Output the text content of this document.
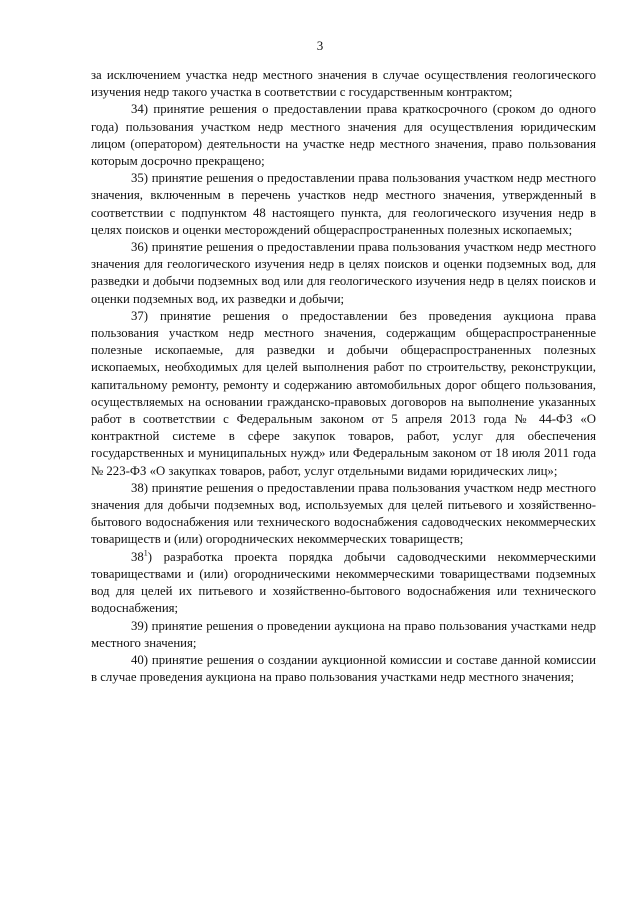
3

за исключением участка недр местного значения в случае осуществления геологического изучения недр такого участка в соответствии с государственным контрактом;

34) принятие решения о предоставлении права краткосрочного (сроком до одного года) пользования участком недр местного значения для осуществления юридическим лицом (оператором) деятельности на участке недр местного значения, право пользования которым досрочно прекращено;

35) принятие решения о предоставлении права пользования участком недр местного значения, включенным в перечень участков недр местного значения, утвержденный в соответствии с подпунктом 48 настоящего пункта, для геологического изучения недр в целях поисков и оценки месторождений общераспространенных полезных ископаемых;

36) принятие решения о предоставлении права пользования участком недр местного значения для геологического изучения недр в целях поисков и оценки подземных вод, для разведки и добычи подземных вод или для геологического изучения недр в целях поисков и оценки подземных вод, их разведки и добычи;

37) принятие решения о предоставлении без проведения аукциона права пользования участком недр местного значения, содержащим общераспространенные полезные ископаемые, для разведки и добычи общераспространенных полезных ископаемых, необходимых для целей выполнения работ по строительству, реконструкции, капитальному ремонту, ремонту и содержанию автомобильных дорог общего пользования, осуществляемых на основании гражданско-правовых договоров на выполнение указанных работ в соответствии с Федеральным законом от 5 апреля 2013 года № 44-ФЗ «О контрактной системе в сфере закупок товаров, работ, услуг для обеспечения государственных и муниципальных нужд» или Федеральным законом от 18 июля 2011 года № 223-ФЗ «О закупках товаров, работ, услуг отдельными видами юридических лиц»;

38) принятие решения о предоставлении права пользования участком недр местного значения для добычи подземных вод, используемых для целей питьевого и хозяйственно-бытового водоснабжения или технического водоснабжения садоводческих некоммерческих товариществ и (или) огороднических некоммерческих товариществ;

$38^1$) разработка проекта порядка добычи садоводческими некоммерческими товариществами и (или) огородническими некоммерческими товариществами подземных вод для целей их питьевого и хозяйственно-бытового водоснабжения или технического водоснабжения;

39) принятие решения о проведении аукциона на право пользования участками недр местного значения;

40) принятие решения о создании аукционной комиссии и составе данной комиссии в случае проведения аукциона на право пользования участками недр местного значения;
